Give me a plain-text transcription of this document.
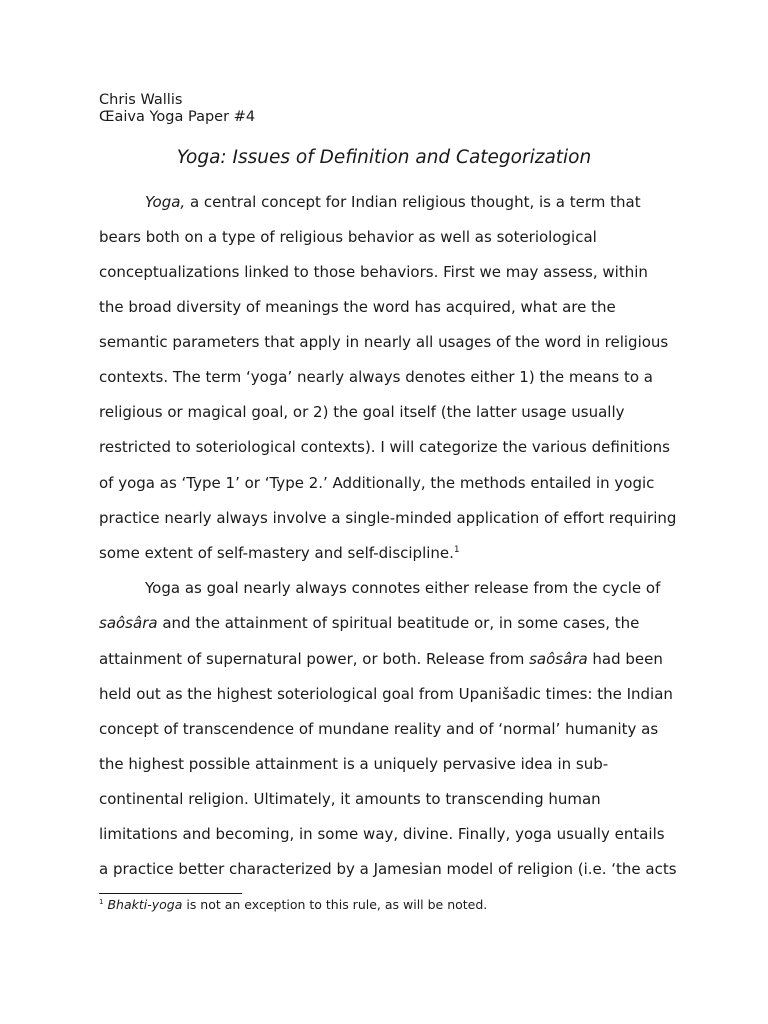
Chris Wallis
Œaiva Yoga Paper #4
Yoga: Issues of Definition and Categorization
Yoga, a central concept for Indian religious thought, is a term that
bears both on a type of religious behavior as well as soteriological
conceptualizations linked to those behaviors. First we may assess, within
the broad diversity of meanings the word has acquired, what are the
semantic parameters that apply in nearly all usages of the word in religious
contexts. The term ‘yoga’ nearly always denotes either 1) the means to a
religious or magical goal, or 2) the goal itself (the latter usage usually
restricted to soteriological contexts). I will categorize the various definitions
of yoga as ‘Type 1’ or ‘Type 2.’ Additionally, the methods entailed in yogic
practice nearly always involve a single-minded application of effort requiring
some extent of self-mastery and self-discipline.$^1$
Yoga as goal nearly always connotes either release from the cycle of
saôsâra and the attainment of spiritual beatitude or, in some cases, the
attainment of supernatural power, or both. Release from saôsâra had been
held out as the highest soteriological goal from Upanišadic times: the Indian
concept of transcendence of mundane reality and of ‘normal’ humanity as
the highest possible attainment is a uniquely pervasive idea in sub-
continental religion. Ultimately, it amounts to transcending human
limitations and becoming, in some way, divine. Finally, yoga usually entails
a practice better characterized by a Jamesian model of religion (i.e. ‘the acts
$^1$ Bhakti-yoga is not an exception to this rule, as will be noted.
